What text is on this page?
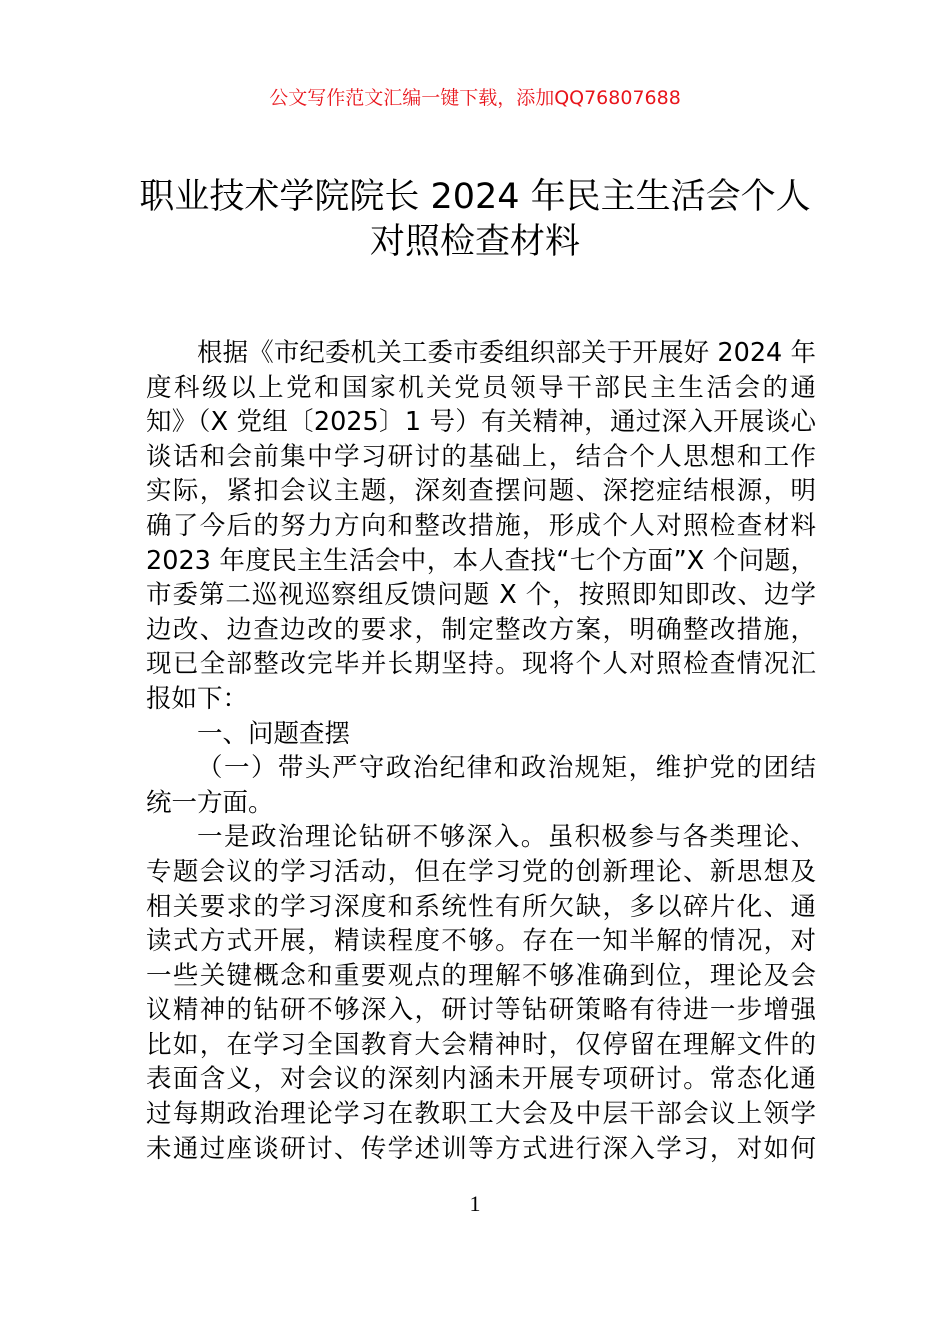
公文写作范文汇编一键下载，添加QQ76807688
职业技术学院院长 2024 年民主生活会个人
对照检查材料
根据《市纪委机关工委市委组织部关于开展好 2024 年
度科级以上党和国家机关党员领导干部民主生活会的通
知》（X 党组〔2025〕1 号）有关精神，通过深入开展谈心
谈话和会前集中学习研讨的基础上，结合个人思想和工作
实际，紧扣会议主题，深刻查摆问题、深挖症结根源，明
确了今后的努力方向和整改措施，形成个人对照检查材料
2023 年度民主生活会中，本人查找“七个方面”X 个问题，
市委第二巡视巡察组反馈问题 X 个，按照即知即改、边学
边改、边查边改的要求，制定整改方案，明确整改措施，
现已全部整改完毕并长期坚持。现将个人对照检查情况汇
报如下：
一、问题查摆
（一）带头严守政治纪律和政治规矩，维护党的团结
统一方面。
一是政治理论钻研不够深入。虽积极参与各类理论、
专题会议的学习活动，但在学习党的创新理论、新思想及
相关要求的学习深度和系统性有所欠缺，多以碎片化、通
读式方式开展，精读程度不够。存在一知半解的情况，对
一些关键概念和重要观点的理解不够准确到位，理论及会
议精神的钻研不够深入，研讨等钻研策略有待进一步增强
比如，在学习全国教育大会精神时，仅停留在理解文件的
表面含义，对会议的深刻内涵未开展专项研讨。常态化通
过每期政治理论学习在教职工大会及中层干部会议上领学
未通过座谈研讨、传学述训等方式进行深入学习，对如何
1
